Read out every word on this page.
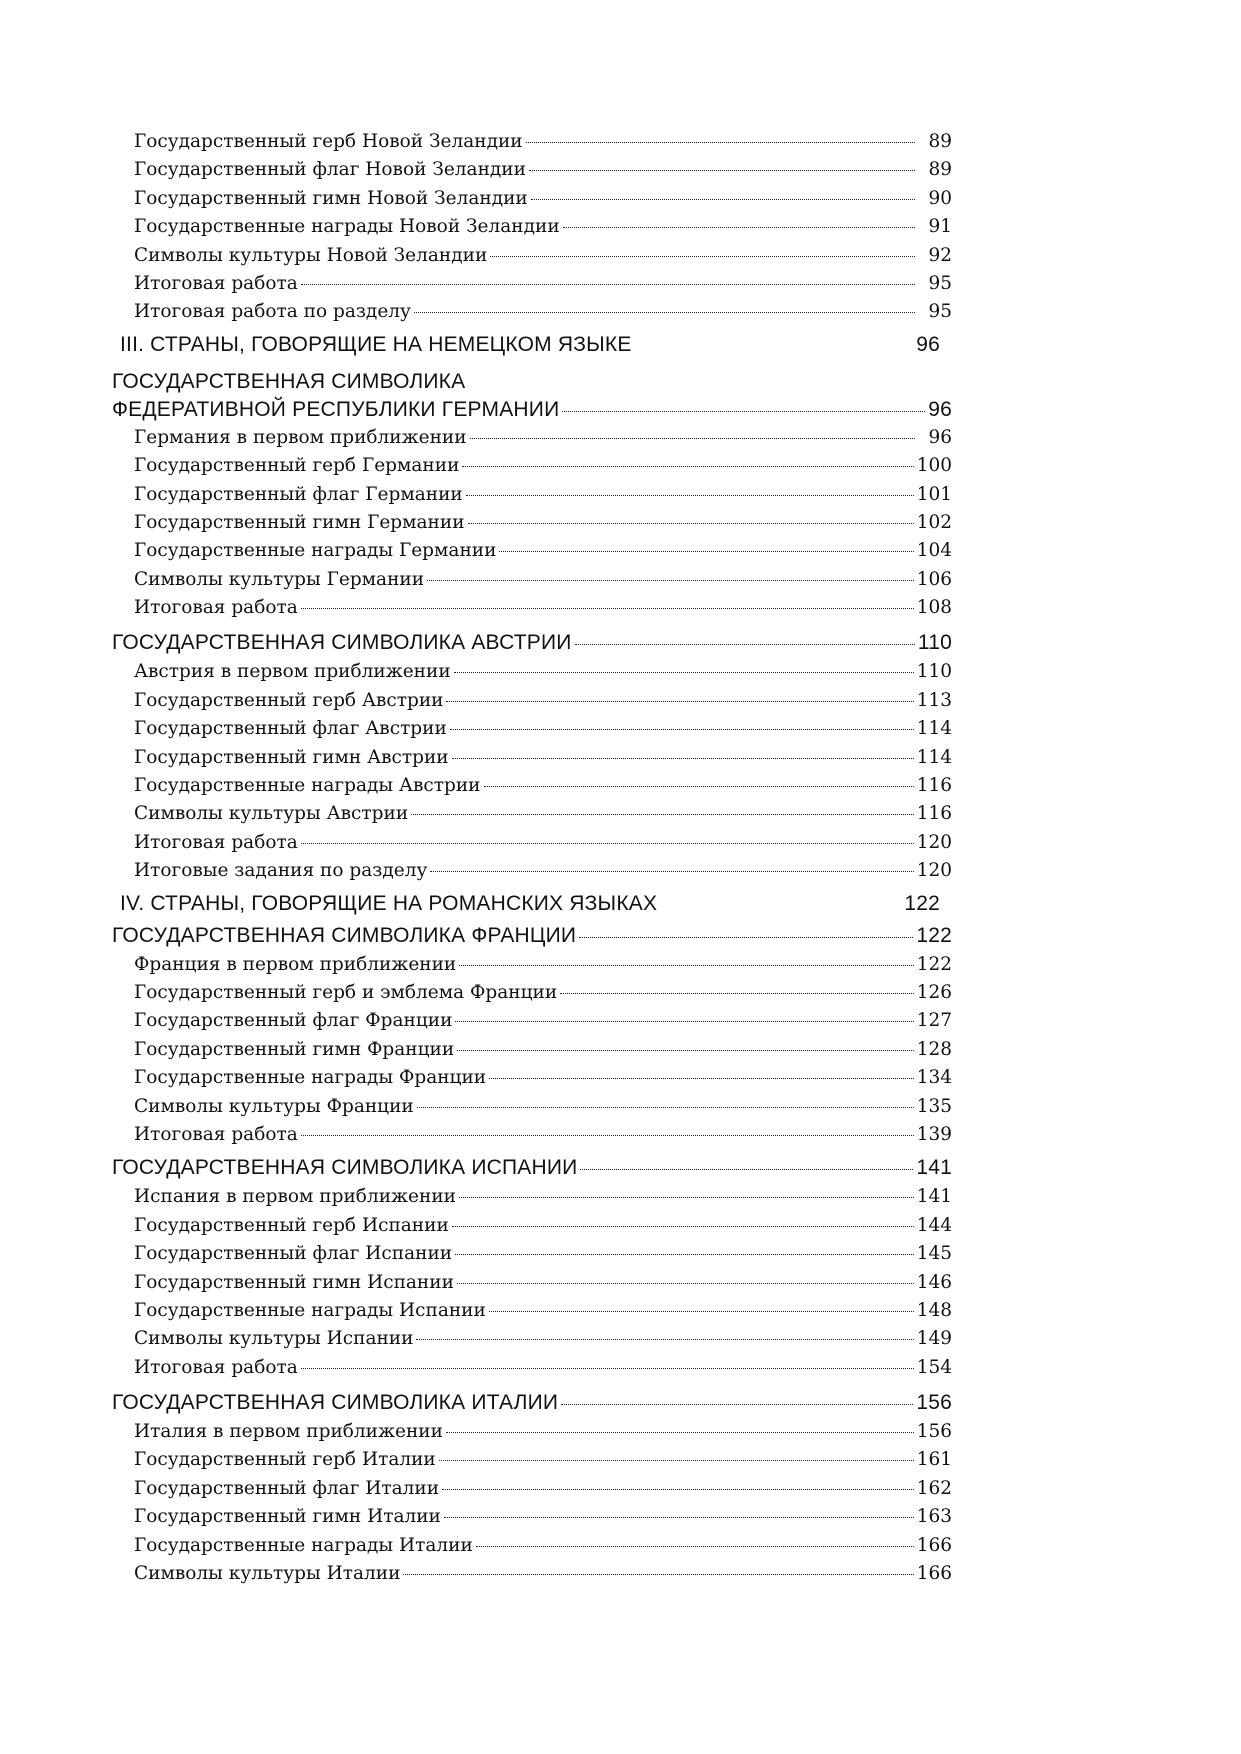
Государственный герб Новой Зеландии	89
Государственный флаг Новой Зеландии	89
Государственный гимн Новой Зеландии	90
Государственные награды Новой Зеландии	91
Символы культуры Новой Зеландии	92
Итоговая работа	95
Итоговая работа по разделу	95
III. СТРАНЫ, ГОВОРЯЩИЕ НА НЕМЕЦКОМ ЯЗЫКЕ	96
ГОСУДАРСТВЕННАЯ СИМВОЛИКА
ФЕДЕРАТИВНОЙ РЕСПУБЛИКИ ГЕРМАНИИ	96
Германия в первом приближении	96
Государственный герб Германии	100
Государственный флаг Германии	101
Государственный гимн Германии	102
Государственные награды Германии	104
Символы культуры Германии	106
Итоговая работа	108
ГОСУДАРСТВЕННАЯ СИМВОЛИКА АВСТРИИ	110
Австрия в первом приближении	110
Государственный герб Австрии	113
Государственный флаг Австрии	114
Государственный гимн Австрии	114
Государственные награды Австрии	116
Символы культуры Австрии	116
Итоговая работа	120
Итоговые задания по разделу	120
IV. СТРАНЫ, ГОВОРЯЩИЕ НА РОМАНСКИХ ЯЗЫКАХ	122
ГОСУДАРСТВЕННАЯ СИМВОЛИКА ФРАНЦИИ	122
Франция в первом приближении	122
Государственный герб и эмблема Франции	126
Государственный флаг Франции	127
Государственный гимн Франции	128
Государственные награды Франции	134
Символы культуры Франции	135
Итоговая работа	139
ГОСУДАРСТВЕННАЯ СИМВОЛИКА ИСПАНИИ	141
Испания в первом приближении	141
Государственный герб Испании	144
Государственный флаг Испании	145
Государственный гимн Испании	146
Государственные награды Испании	148
Символы культуры Испании	149
Итоговая работа	154
ГОСУДАРСТВЕННАЯ СИМВОЛИКА ИТАЛИИ	156
Италия в первом приближении	156
Государственный герб Италии	161
Государственный флаг Италии	162
Государственный гимн Италии	163
Государственные награды Италии	166
Символы культуры Италии	166
